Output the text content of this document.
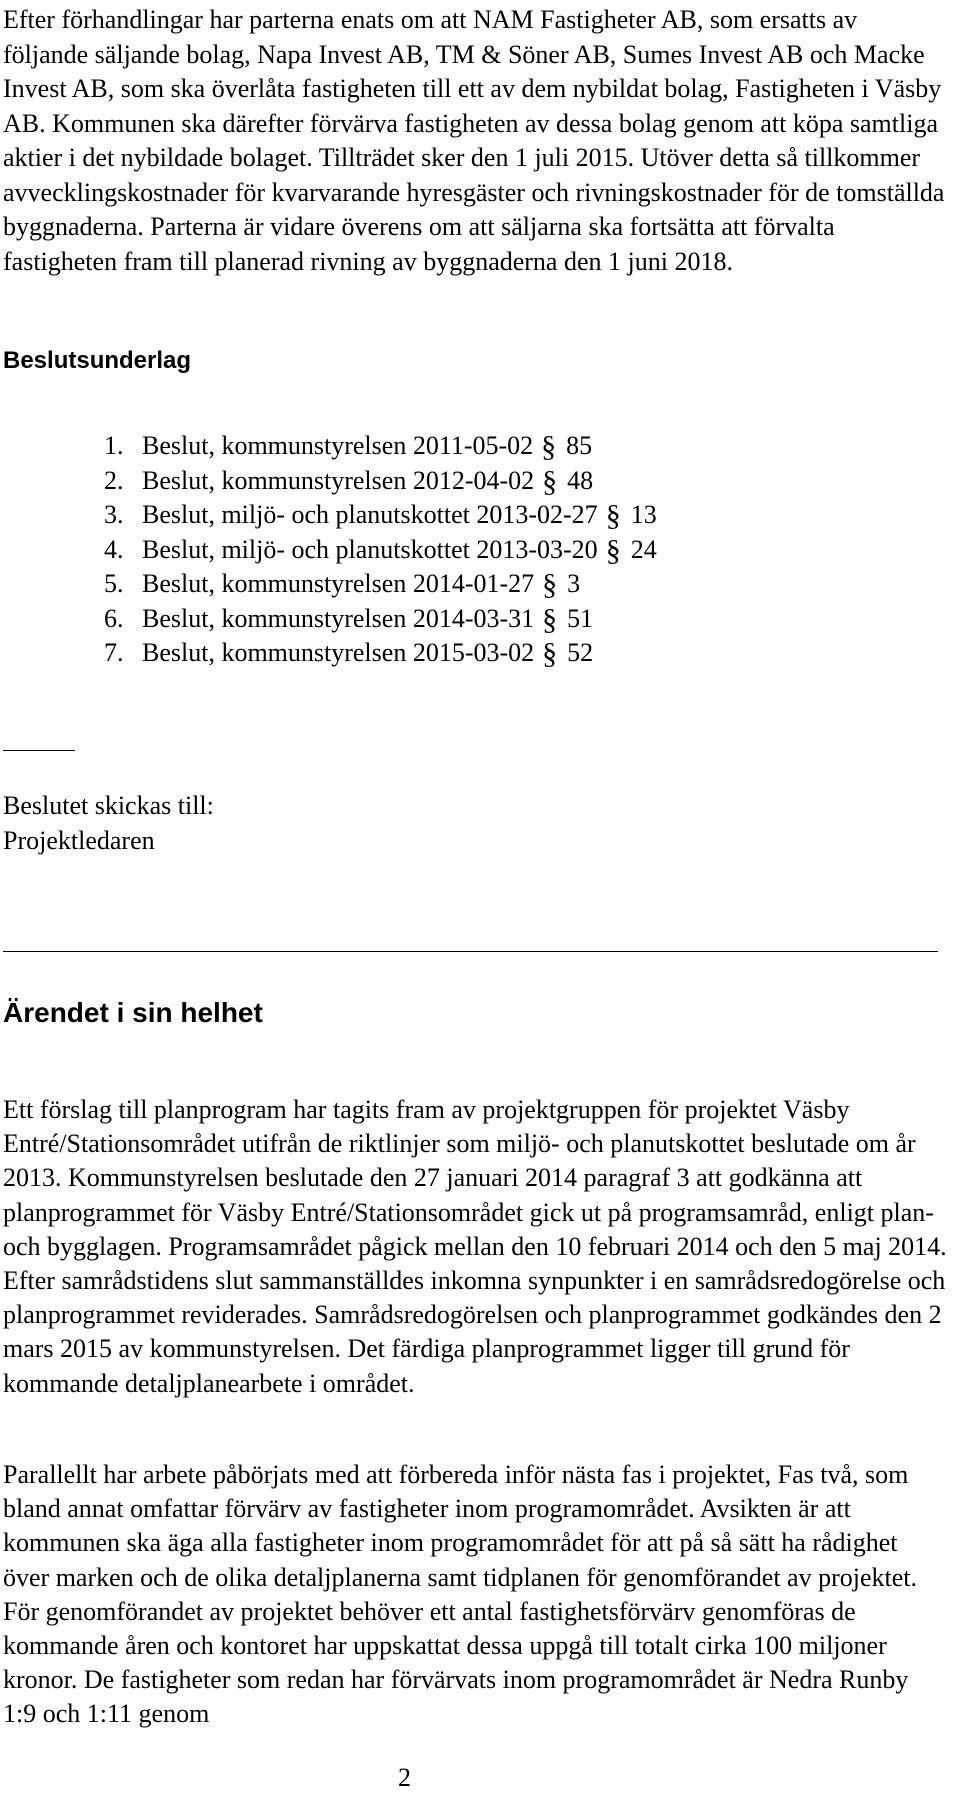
Efter förhandlingar har parterna enats om att NAM Fastigheter AB, som ersatts av följande säljande bolag, Napa Invest AB, TM & Söner AB, Sumes Invest AB och Macke Invest AB, som ska överlåta fastigheten till ett av dem nybildat bolag, Fastigheten i Väsby AB. Kommunen ska därefter förvärva fastigheten av dessa bolag genom att köpa samtliga aktier i det nybildade bolaget. Tillträdet sker den 1 juli 2015. Utöver detta så tillkommer avvecklingskostnader för kvarvarande hyresgäster och rivningskostnader för de tomställda byggnaderna. Parterna är vidare överens om att säljarna ska fortsätta att förvalta fastigheten fram till planerad rivning av byggnaderna den 1 juni 2018.

Beslutsunderlag
1. Beslut, kommunstyrelsen 2011-05-02 § 85
2. Beslut, kommunstyrelsen 2012-04-02 § 48
3. Beslut, miljö- och planutskottet 2013-02-27 § 13
4. Beslut, miljö- och planutskottet 2013-03-20 § 24
5. Beslut, kommunstyrelsen 2014-01-27 § 3
6. Beslut, kommunstyrelsen 2014-03-31 § 51
7. Beslut, kommunstyrelsen 2015-03-02 § 52
Beslutet skickas till:
Projektledaren
Ärendet i sin helhet

Ett förslag till planprogram har tagits fram av projektgruppen för projektet Väsby Entré/Stationsområdet utifrån de riktlinjer som miljö- och planutskottet beslutade om år 2013. Kommunstyrelsen beslutade den 27 januari 2014 paragraf 3 att godkänna att planprogrammet för Väsby Entré/Stationsområdet gick ut på programsamråd, enligt plan- och bygglagen. Programsamrådet pågick mellan den 10 februari 2014 och den 5 maj 2014. Efter samrådstidens slut sammanställdes inkomna synpunkter i en samrådsredogörelse och planprogrammet reviderades. Samrådsredogörelsen och planprogrammet godkändes den 2 mars 2015 av kommunstyrelsen. Det färdiga planprogrammet ligger till grund för kommande detaljplanearbete i området.

Parallellt har arbete påbörjats med att förbereda inför nästa fas i projektet, Fas två, som bland annat omfattar förvärv av fastigheter inom programområdet. Avsikten är att kommunen ska äga alla fastigheter inom programområdet för att på så sätt ha rådighet över marken och de olika detaljplanerna samt tidplanen för genomförandet av projektet. För genomförandet av projektet behöver ett antal fastighetsförvärv genomföras de kommande åren och kontoret har uppskattat dessa uppgå till totalt cirka 100 miljoner kronor. De fastigheter som redan har förvärvats inom programområdet är Nedra Runby 1:9 och 1:11 genom

2
